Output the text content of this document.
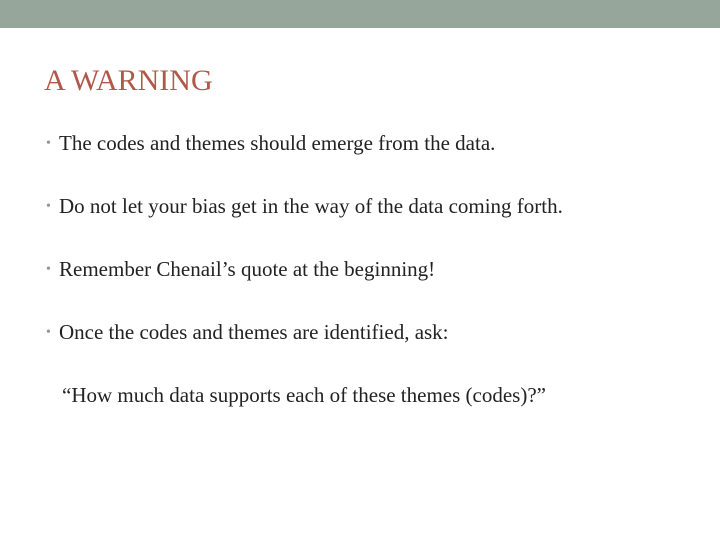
A WARNING
• The codes and themes should emerge from the data.
• Do not let your bias get in the way of the data coming forth.
• Remember Chenail’s quote at the beginning!
• Once the codes and themes are identified, ask:

“How much data supports each of these themes (codes)?”
